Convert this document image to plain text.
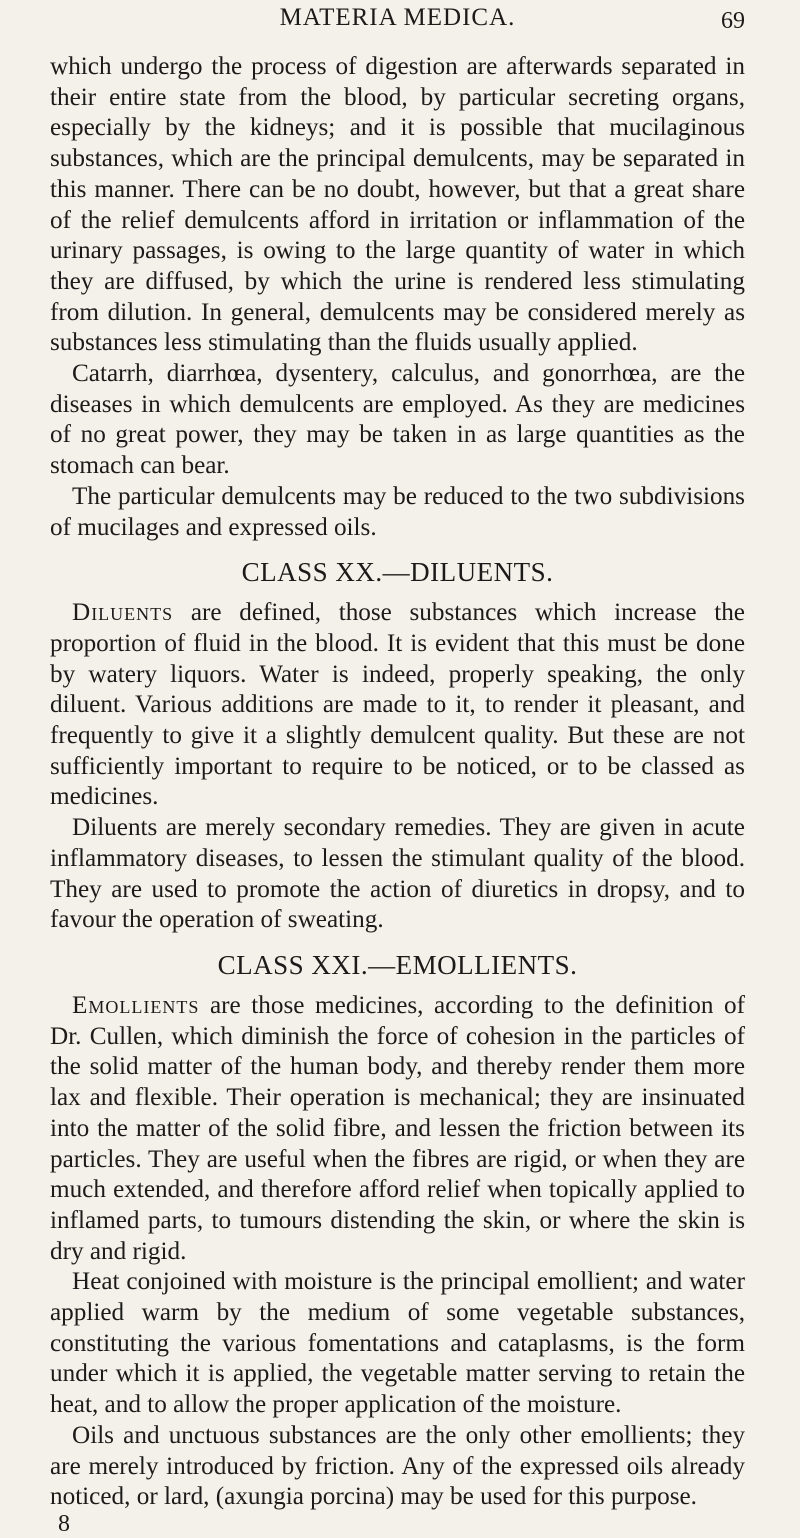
MATERIA MEDICA.	69

which undergo the process of digestion are afterwards separated in their entire state from the blood, by particular secreting organs, especially by the kidneys; and it is possible that mucilaginous substances, which are the principal demulcents, may be separated in this manner. There can be no doubt, however, but that a great share of the relief demulcents afford in irritation or inflammation of the urinary passages, is owing to the large quantity of water in which they are diffused, by which the urine is rendered less stimulating from dilution. In general, demulcents may be considered merely as substances less stimulating than the fluids usually applied.

Catarrh, diarrhœa, dysentery, calculus, and gonorrhœa, are the diseases in which demulcents are employed. As they are medicines of no great power, they may be taken in as large quantities as the stomach can bear.

The particular demulcents may be reduced to the two subdivisions of mucilages and expressed oils.

CLASS XX.—DILUENTS.

Diluents are defined, those substances which increase the proportion of fluid in the blood. It is evident that this must be done by watery liquors. Water is indeed, properly speaking, the only diluent. Various additions are made to it, to render it pleasant, and frequently to give it a slightly demulcent quality. But these are not sufficiently important to require to be noticed, or to be classed as medicines.

Diluents are merely secondary remedies. They are given in acute inflammatory diseases, to lessen the stimulant quality of the blood. They are used to promote the action of diuretics in dropsy, and to favour the operation of sweating.

CLASS XXI.—EMOLLIENTS.

Emollients are those medicines, according to the definition of Dr. Cullen, which diminish the force of cohesion in the particles of the solid matter of the human body, and thereby render them more lax and flexible. Their operation is mechanical; they are insinuated into the matter of the solid fibre, and lessen the friction between its particles. They are useful when the fibres are rigid, or when they are much extended, and therefore afford relief when topically applied to inflamed parts, to tumours distending the skin, or where the skin is dry and rigid.

Heat conjoined with moisture is the principal emollient; and water applied warm by the medium of some vegetable substances, constituting the various fomentations and cataplasms, is the form under which it is applied, the vegetable matter serving to retain the heat, and to allow the proper application of the moisture.

Oils and unctuous substances are the only other emollients; they are merely introduced by friction. Any of the expressed oils already noticed, or lard, (axungia porcina) may be used for this purpose.

8
